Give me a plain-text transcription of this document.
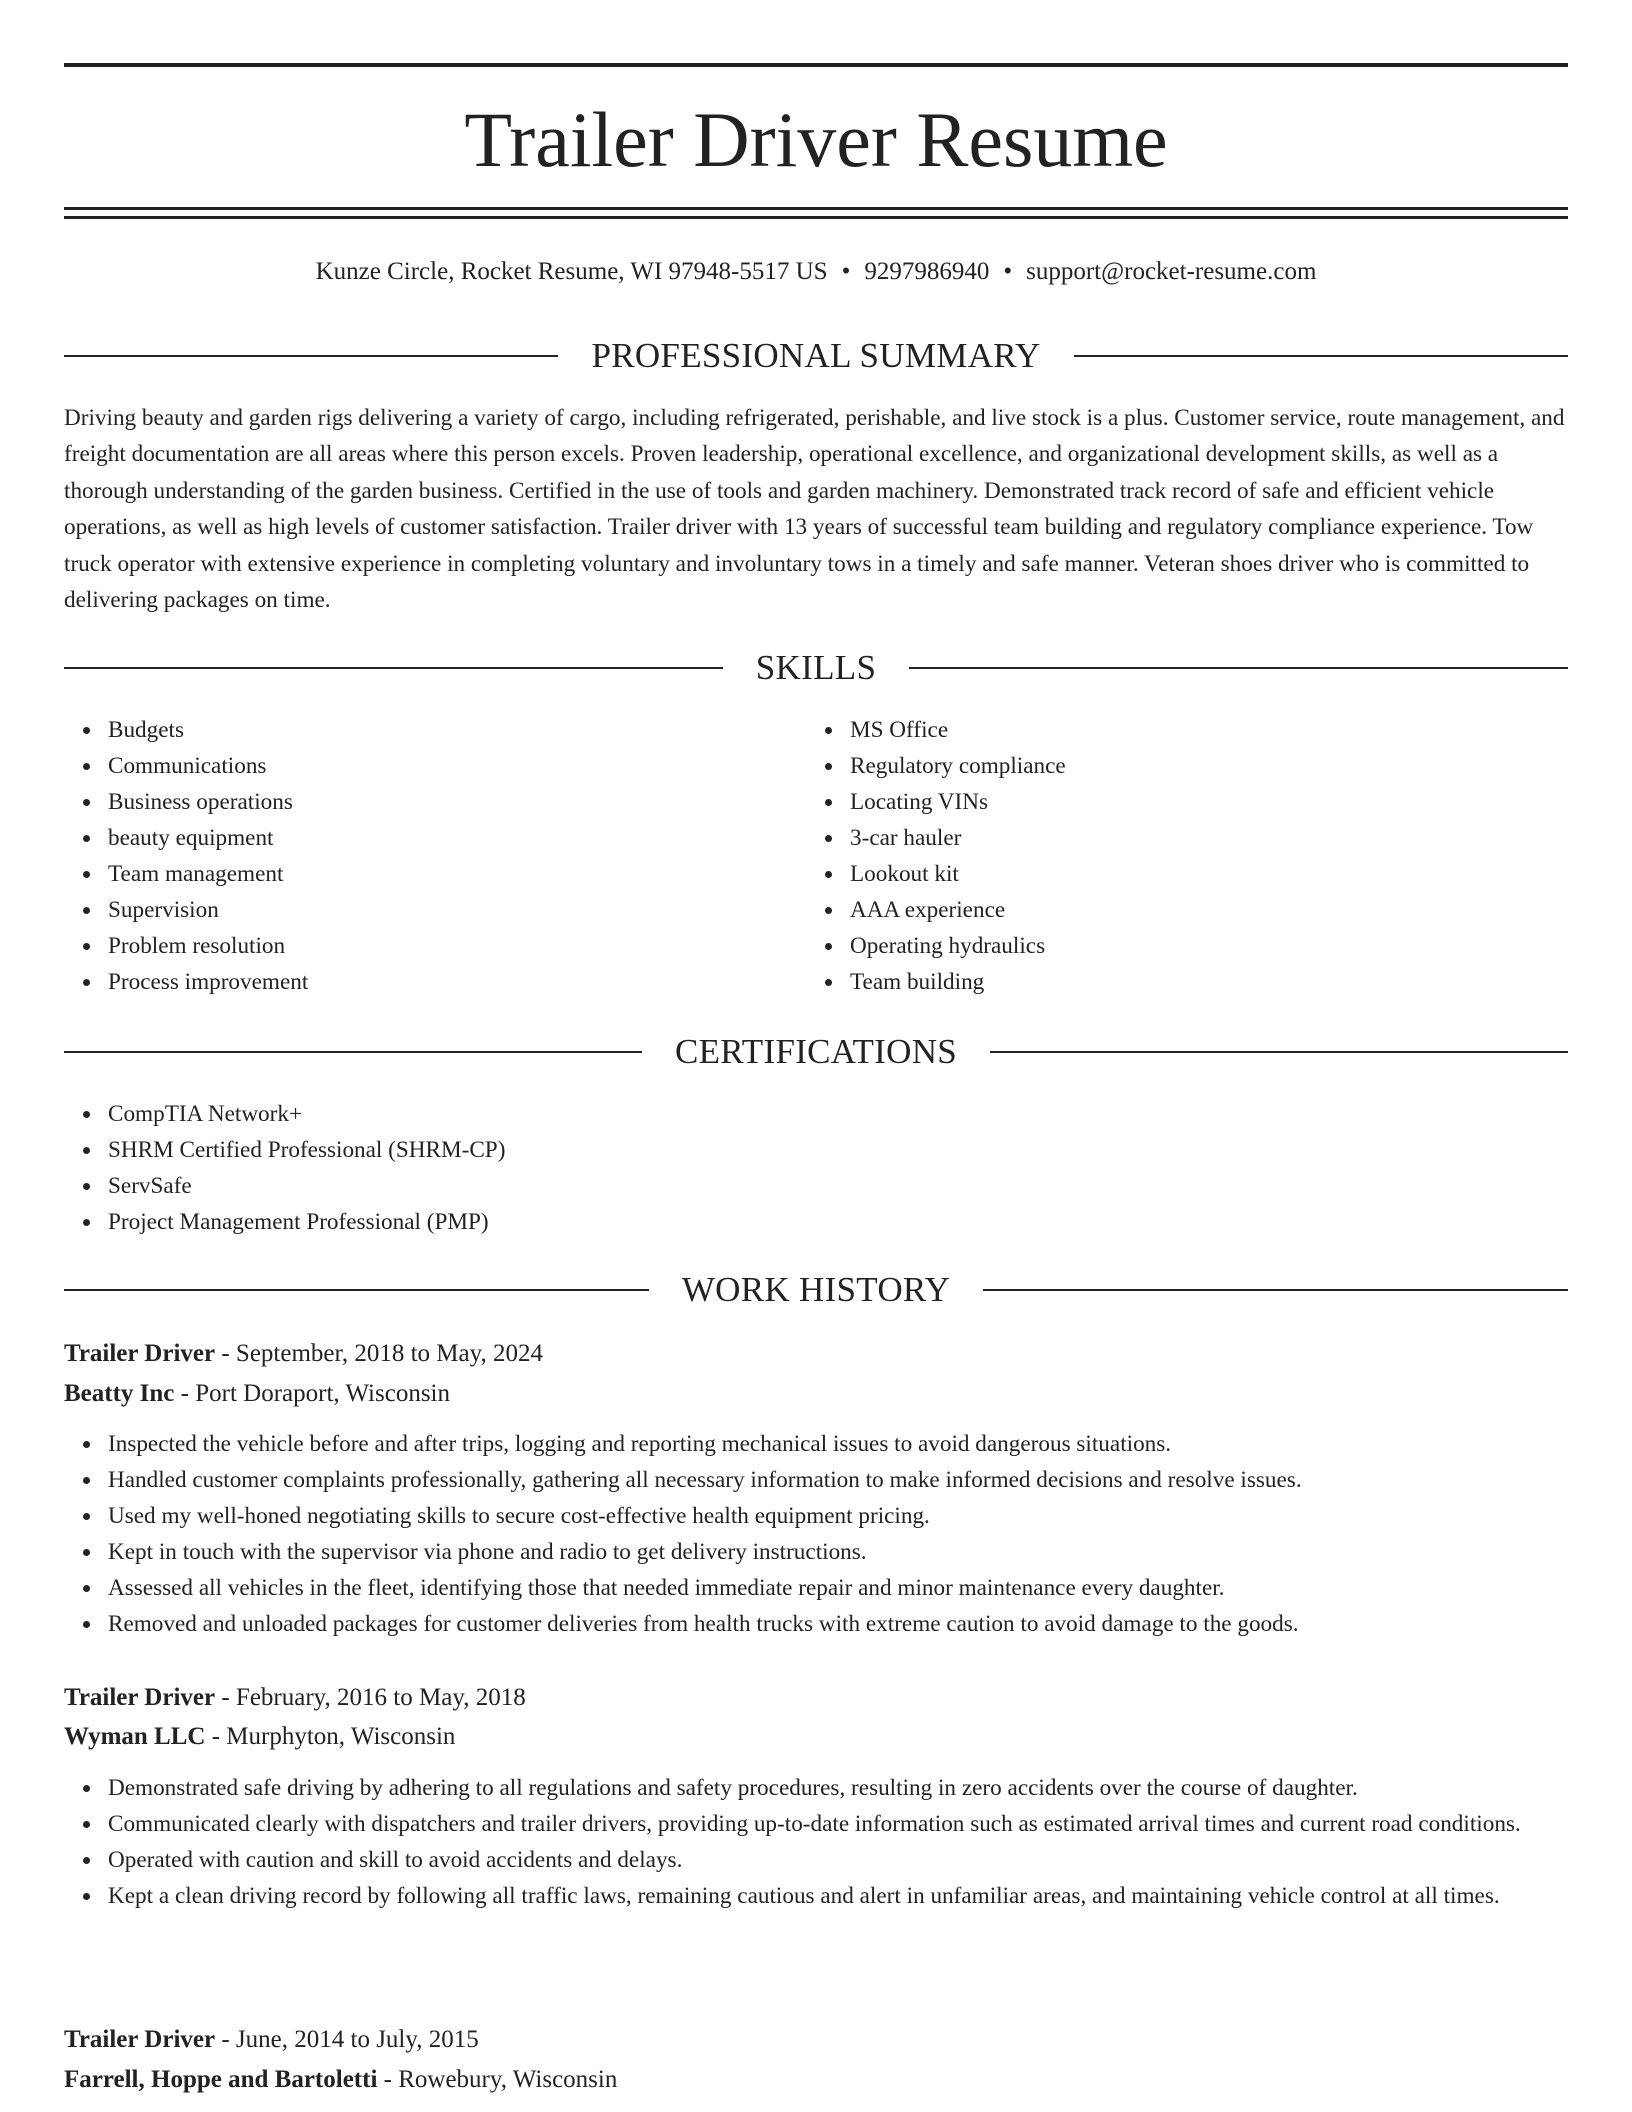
Trailer Driver Resume
Kunze Circle, Rocket Resume, WI 97948-5517 US • 9297986940 • support@rocket-resume.com
PROFESSIONAL SUMMARY
Driving beauty and garden rigs delivering a variety of cargo, including refrigerated, perishable, and live stock is a plus. Customer service, route management, and freight documentation are all areas where this person excels. Proven leadership, operational excellence, and organizational development skills, as well as a thorough understanding of the garden business. Certified in the use of tools and garden machinery. Demonstrated track record of safe and efficient vehicle operations, as well as high levels of customer satisfaction. Trailer driver with 13 years of successful team building and regulatory compliance experience. Tow truck operator with extensive experience in completing voluntary and involuntary tows in a timely and safe manner. Veteran shoes driver who is committed to delivering packages on time.
SKILLS
Budgets
Communications
Business operations
beauty equipment
Team management
Supervision
Problem resolution
Process improvement
MS Office
Regulatory compliance
Locating VINs
3-car hauler
Lookout kit
AAA experience
Operating hydraulics
Team building
CERTIFICATIONS
CompTIA Network+
SHRM Certified Professional (SHRM-CP)
ServSafe
Project Management Professional (PMP)
WORK HISTORY
Trailer Driver - September, 2018 to May, 2024
Beatty Inc - Port Doraport, Wisconsin
Inspected the vehicle before and after trips, logging and reporting mechanical issues to avoid dangerous situations.
Handled customer complaints professionally, gathering all necessary information to make informed decisions and resolve issues.
Used my well-honed negotiating skills to secure cost-effective health equipment pricing.
Kept in touch with the supervisor via phone and radio to get delivery instructions.
Assessed all vehicles in the fleet, identifying those that needed immediate repair and minor maintenance every daughter.
Removed and unloaded packages for customer deliveries from health trucks with extreme caution to avoid damage to the goods.
Trailer Driver - February, 2016 to May, 2018
Wyman LLC - Murphyton, Wisconsin
Demonstrated safe driving by adhering to all regulations and safety procedures, resulting in zero accidents over the course of daughter.
Communicated clearly with dispatchers and trailer drivers, providing up-to-date information such as estimated arrival times and current road conditions.
Operated with caution and skill to avoid accidents and delays.
Kept a clean driving record by following all traffic laws, remaining cautious and alert in unfamiliar areas, and maintaining vehicle control at all times.
Trailer Driver - June, 2014 to July, 2015
Farrell, Hoppe and Bartoletti - Rowebury, Wisconsin
